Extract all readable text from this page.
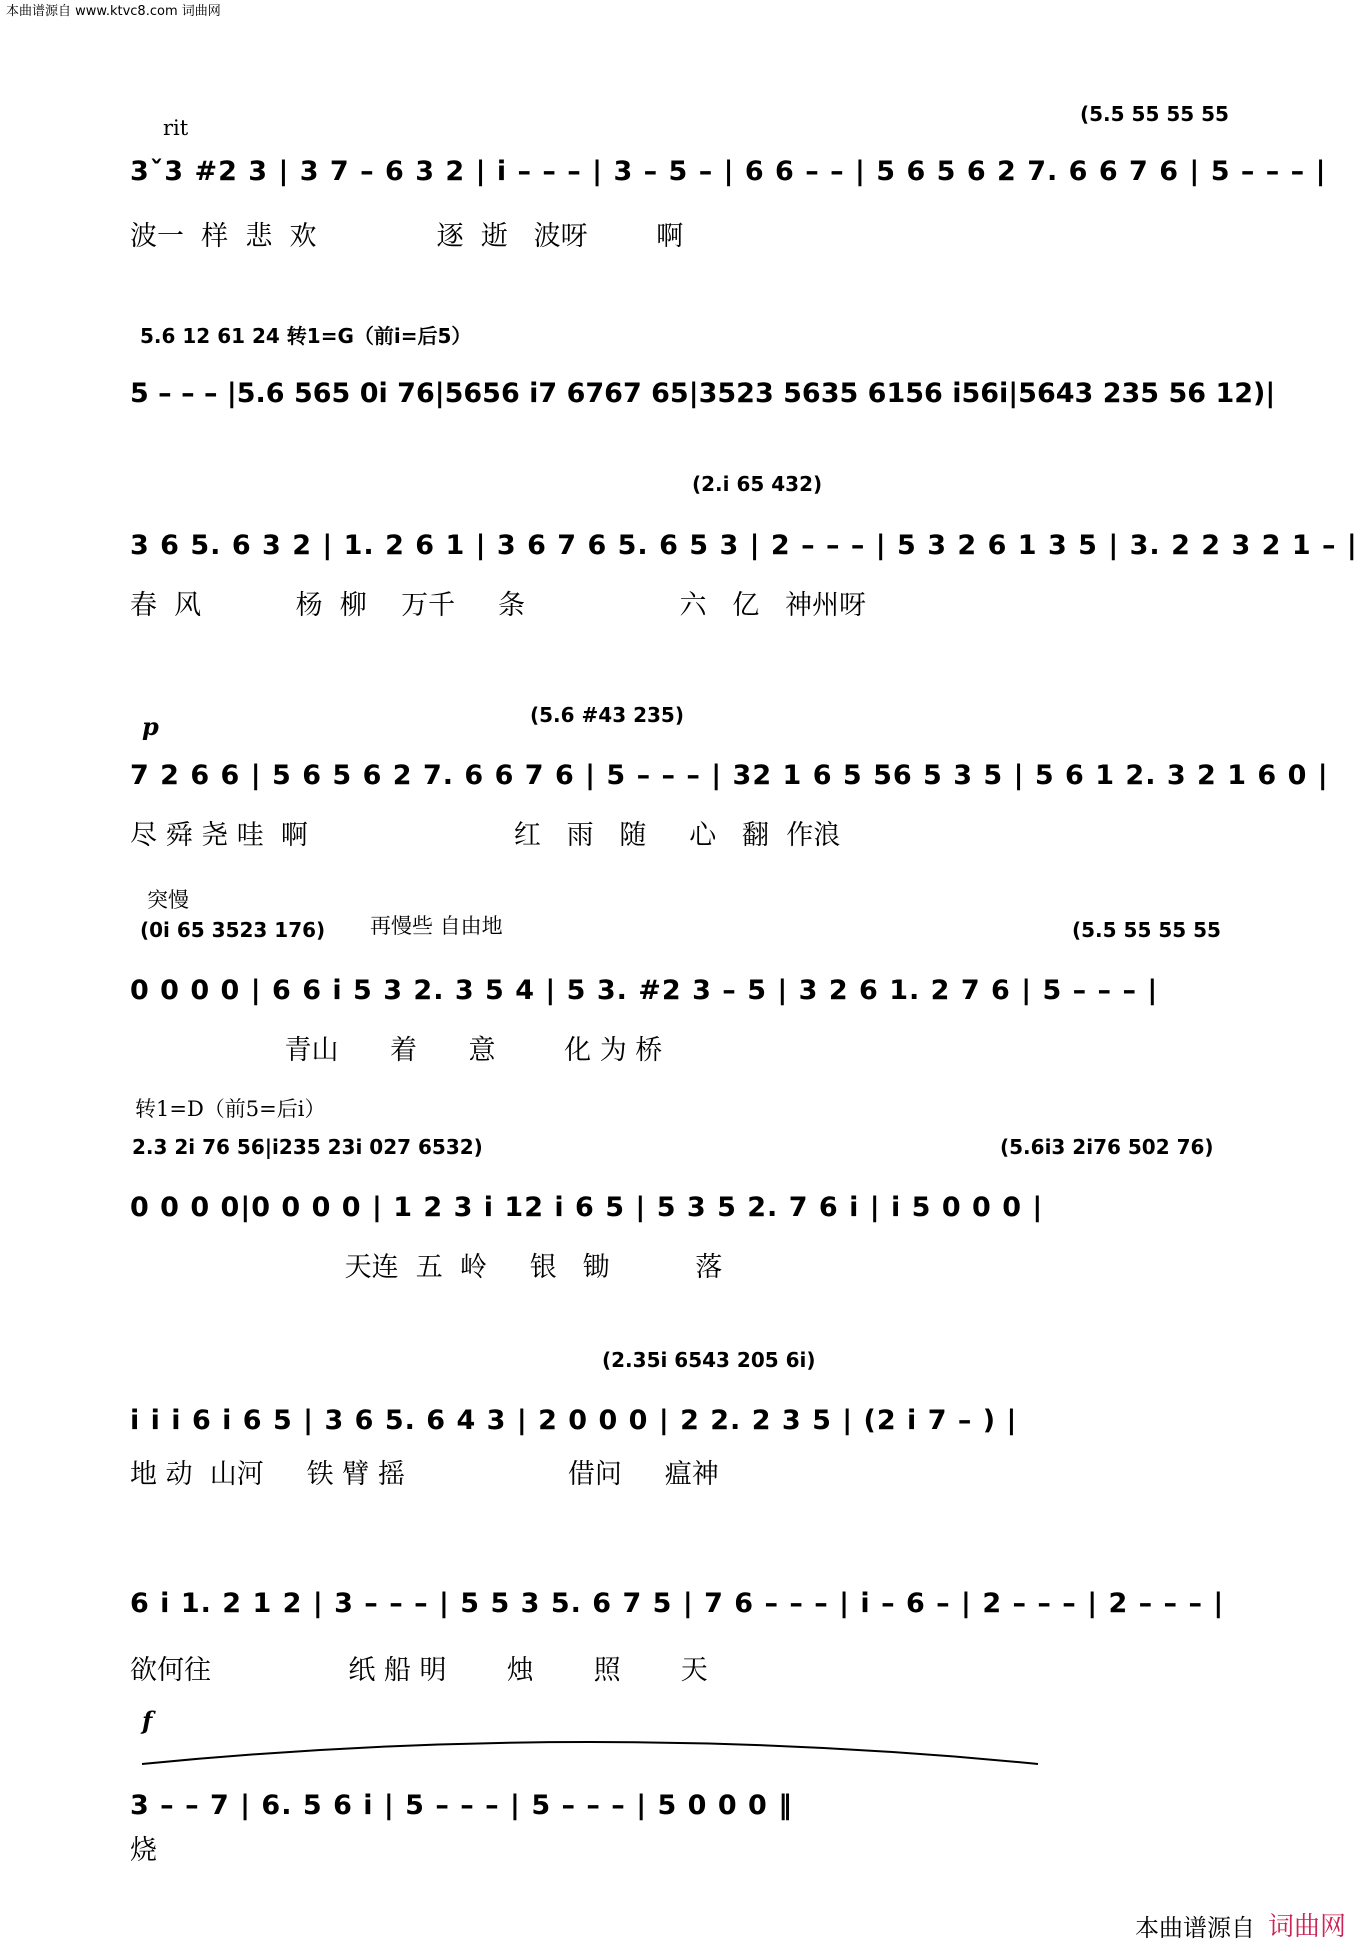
本曲谱源自 www.ktvc8.com 词曲网
本曲谱源自 词曲网
rit
(5.5 55 55 55
3ˇ3 #2 3 | 3 7 – 6 3 2 | i – – – | 3 – 5 – | 6 6 – – | 5 6 5 6 2 7. 6 6 7 6 | 5 – – – |
波一  样  悲  欢              逐  逝   波呀        啊
5.6 12 61 24 转1=G（前i=后5）
5 – – – |5.6 565 0i 76|5656 i7 6767 65|3523 5635 6156 i56i|5643 235 56 12)|
(2.i 65 432)
3 6 5. 6 3 2 | 1. 2 6 1 | 3 6 7 6 5. 6 5 3 | 2 – – – | 5 3 2 6 1 3 5 | 3. 2 2 3 2 1 – |
春  风           杨  柳    万千     条                  六   亿   神州呀
p	(5.6 #43 235)
7 2 6 6 | 5 6 5 6 2 7. 6 6 7 6 | 5 – – – | 32 1 6 5 56 5 3 5 | 5 6 1 2. 3 2 1 6 0 |
尽 舜 尧 哇  啊                        红   雨   随     心   翻  作浪
突慢
(0i 65 3523 176) 再慢些 自由地	(5.5 55 55 55
0 0 0 0 | 6 6 i 5 3 2. 3 5 4 | 5 3. #2 3 – 5 | 3 2 6 1. 2 7 6 | 5 – – – |
青山      着      意        化 为 桥
转1=D（前5=后i）
2.3 2i 76 56|i235 23i 027 6532)	(5.6i3 2i76 502 76)
0 0 0 0|0 0 0 0 | 1 2 3 i 12 i 6 5 | 5 3 5 2. 7 6 i | i 5 0 0 0 |
天连  五  岭     银   锄          落
(2.35i 6543 205 6i)
i i i 6 i 6 5 | 3 6 5. 6 4 3 | 2 0 0 0 | 2 2. 2 3 5 | (2 i 7 – ) |
地 动  山河     铁 臂 摇                   借问     瘟神
6 i 1. 2 1 2 | 3 – – – | 5 5 3 5. 6 7 5 | 7 6 – – – | i – 6 – | 2 – – – | 2 – – – |
欲何往                纸 船 明       烛       照       天
f
3 – – 7 | 6. 5 6 i | 5 – – – | 5 – – – | 5 0 0 0 ‖
烧
